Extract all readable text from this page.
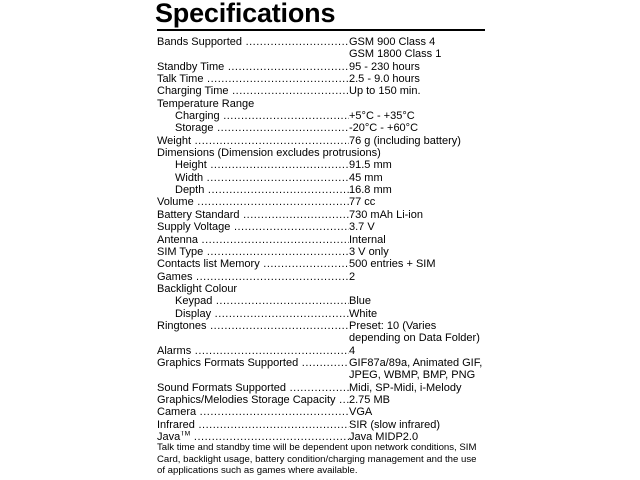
Specifications
Bands Supported .....	GSM 900 Class 4
GSM 1800 Class 1
Standby Time .....	95 - 230 hours
Talk Time .....	2.5 - 9.0 hours
Charging Time .....	Up to 150 min.
Temperature Range
Charging .....	+5°C - +35°C
Storage .....	-20°C - +60°C
Weight .....	76 g (including battery)
Dimensions (Dimension excludes protrusions)
Height .....	91.5 mm
Width .....	45 mm
Depth .....	16.8 mm
Volume .....	77 cc
Battery Standard .....	730 mAh Li-ion
Supply Voltage .....	3.7 V
Antenna .....	Internal
SIM Type .....	3 V only
Contacts list Memory .....	500 entries + SIM
Games .....	2
Backlight Colour
Keypad .....	Blue
Display .....	White
Ringtones .....	Preset: 10 (Varies
depending on Data Folder)
Alarms .....	4
Graphics Formats Supported .....	GIF87a/89a, Animated GIF,
JPEG, WBMP, BMP, PNG
Sound Formats Supported .....	Midi, SP-Midi, i-Melody
Graphics/Melodies Storage Capacity .....	2.75 MB
Camera .....	VGA
Infrared .....	SIR (slow infrared)
Java™ .....	Java MIDP2.0
Talk time and standby time will be dependent upon network conditions, SIM Card, backlight usage, battery condition/charging management and the use of applications such as games where available.
